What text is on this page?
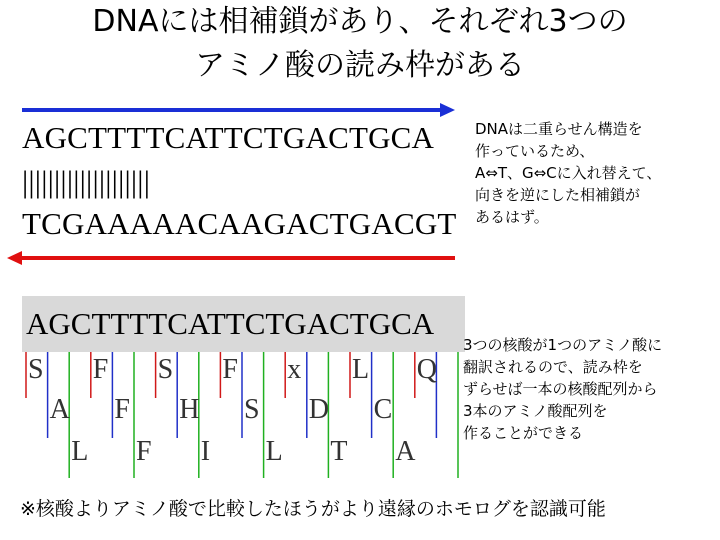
DNAには相補鎖があり、それぞれ3つの
アミノ酸の読み枠がある
AGCTTTTCATTCTGACTGCA
||||||||||||||||||||
TCGAAAAACAAGACTGACGT
DNAは二重らせん構造を
作っているため、
A⇔T、G⇔Cに入れ替えて、
向きを逆にした相補鎖が
あるはず。
AGCTTTTCATTCTGACTGCA
S F S F x L Q
A F H S D C
L F I L T A
3つの核酸が1つのアミノ酸に
翻訳されるので、読み枠を
ずらせば一本の核酸配列から
3本のアミノ酸配列を
作ることができる
※核酸よりアミノ酸で比較したほうがより遠縁のホモログを認識可能
